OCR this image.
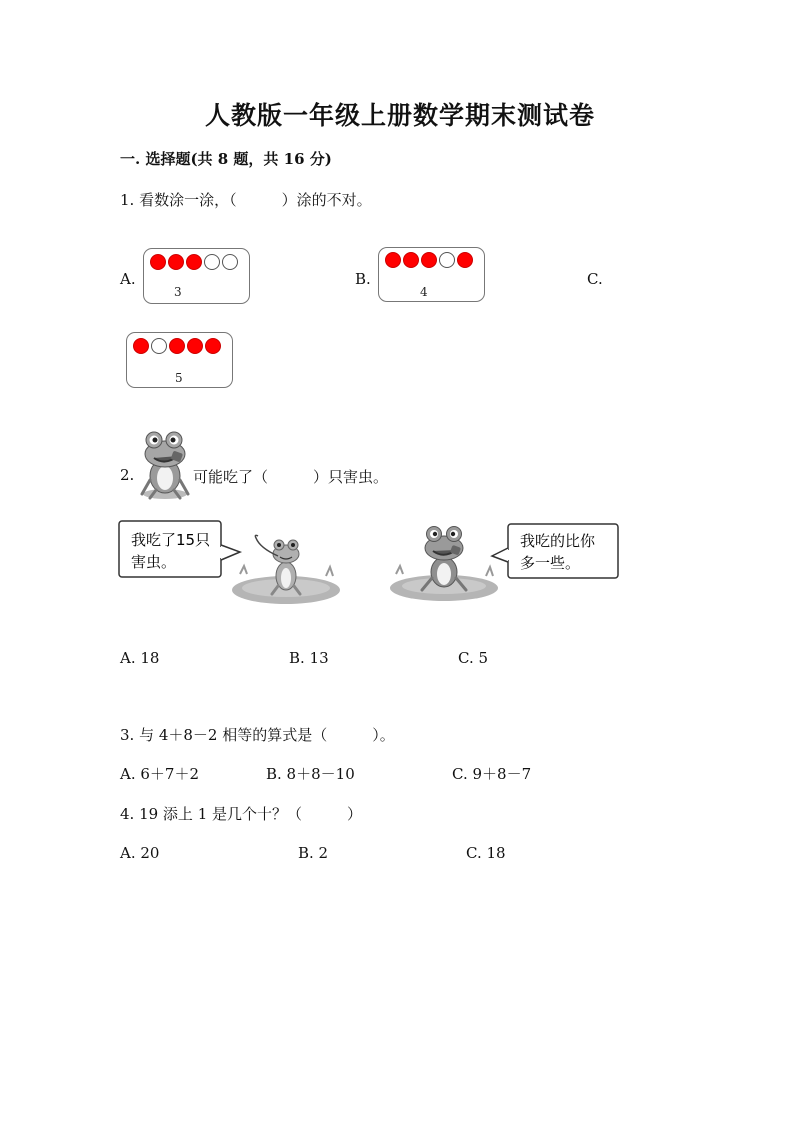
人教版一年级上册数学期末测试卷
一. 选择题(共 8 题，共 16 分)
1. 看数涂一涂，（　　　）涂的不对。
A.
3
B.
4
C.
5
2.	可能吃了（　　　）只害虫。
我吃了15只
害虫。
我吃的比你
多一些。
A. 18	B. 13	C. 5
3. 与 4＋8－2 相等的算式是（　　　）。
A. 6＋7＋2	B. 8＋8－10	C. 9＋8－7
4. 19 添上 1 是几个十？（　　　）
A. 20	B. 2	C. 18
